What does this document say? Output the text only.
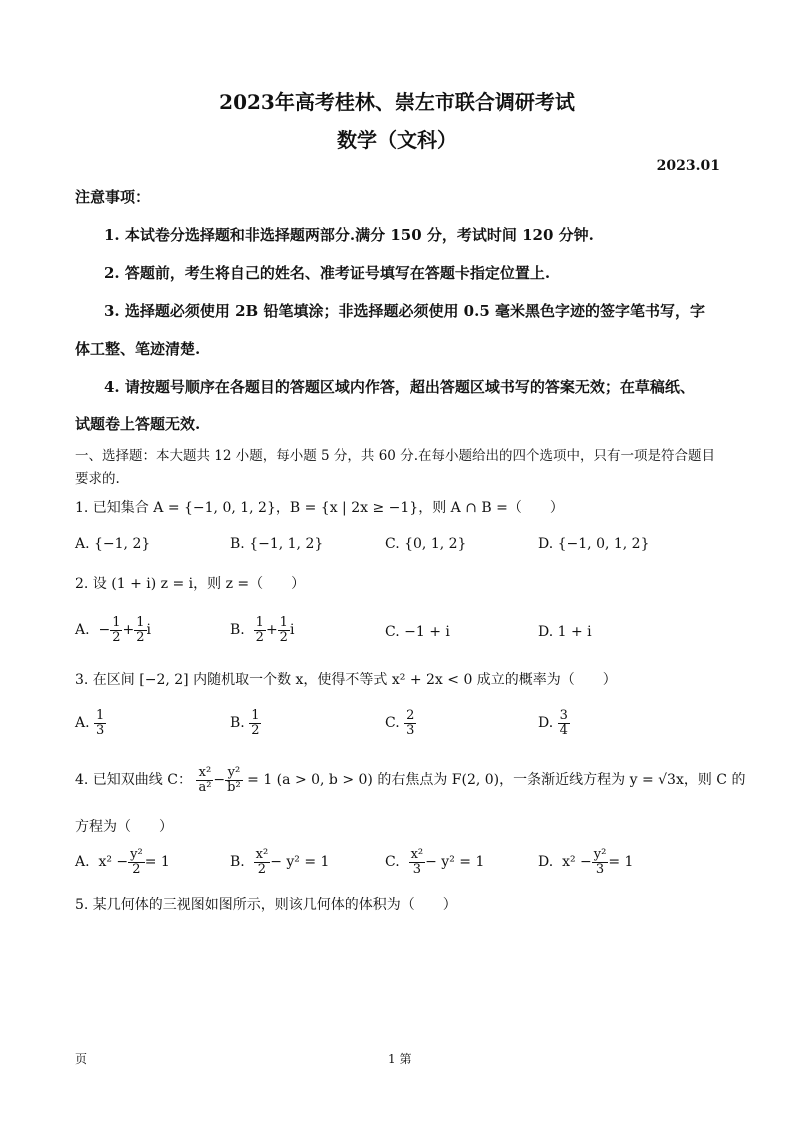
2023年高考桂林、崇左市联合调研考试
数学（文科）
2023.01
注意事项：
1. 本试卷分选择题和非选择题两部分.满分 150 分，考试时间 120 分钟.
2. 答题前，考生将自己的姓名、准考证号填写在答题卡指定位置上.
3. 选择题必须使用 2B 铅笔填涂；非选择题必须使用 0.5 毫米黑色字迹的签字笔书写，字
体工整、笔迹清楚.
4. 请按题号顺序在各题目的答题区域内作答，超出答题区域书写的答案无效；在草稿纸、
试题卷上答题无效.
一、选择题：本大题共 12 小题，每小题 5 分，共 60 分.在每小题给出的四个选项中，只有一项是符合题目
要求的.
1. 已知集合 A = {−1, 0, 1, 2}，B = {x | 2x ≥ −1}，则 A ∩ B =（　　）
A. {−1, 2}	B. {−1, 1, 2}	C. {0, 1, 2}	D. {−1, 0, 1, 2}
2. 设 (1 + i) z = i，则 z =（　　）
A.  − $\frac{1}{2} + \frac{1}{2}$ i	B. $\frac{1}{2} + \frac{1}{2}$ i	C. −1 + i	D. 1 + i
3. 在区间 [−2, 2] 内随机取一个数 x，使得不等式 x² + 2x < 0 成立的概率为（　　）
A. $\frac{1}{3}$	B. $\frac{1}{2}$	C. $\frac{2}{3}$	D. $\frac{3}{4}$
4. 已知双曲线 C： $\frac{\text{x²}}{\text{a²}} - \frac{\text{y²}}{\text{b²}} = 1$ (a > 0, b > 0) 的右焦点为 F(2, 0)，一条渐近线方程为 y = √3x，则 C 的
方程为（　　）
A.  $x^2 - \frac{\text{y²}}{2} = 1$	B. $\frac{\text{x²}}{2} - y^2 = 1$	C. $\frac{\text{x²}}{3} - y^2 = 1$	D.  $x^2 - \frac{\text{y²}}{3} = 1$
5. 某几何体的三视图如图所示，则该几何体的体积为（　　）
页	1 第
